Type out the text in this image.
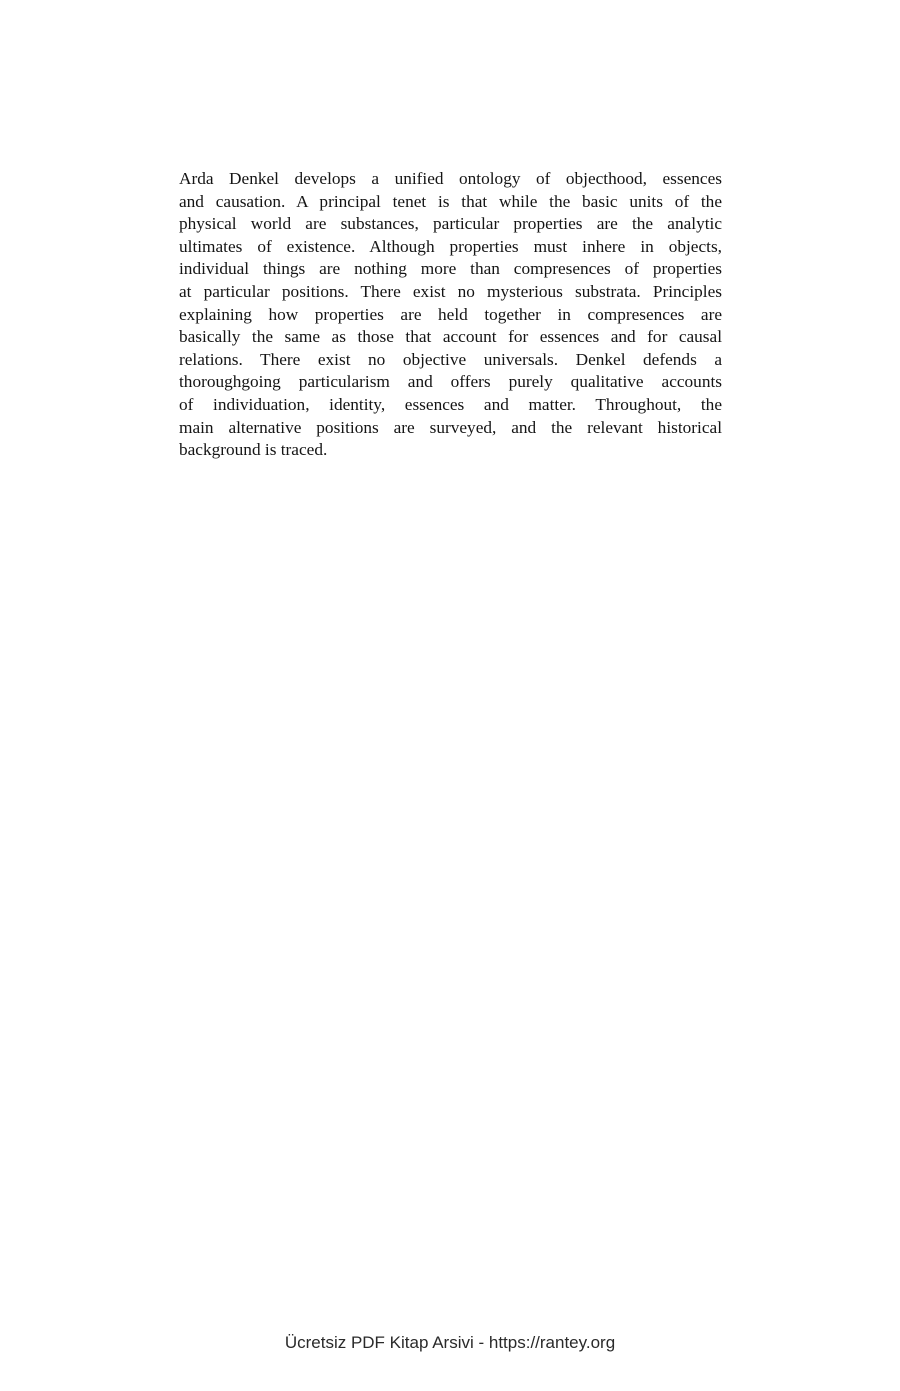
Arda Denkel develops a unified ontology of objecthood, essences
and causation. A principal tenet is that while the basic units of the
physical world are substances, particular properties are the analytic
ultimates of existence. Although properties must inhere in objects,
individual things are nothing more than compresences of properties
at particular positions. There exist no mysterious substrata. Principles
explaining how properties are held together in compresences are
basically the same as those that account for essences and for causal
relations. There exist no objective universals. Denkel defends a
thoroughgoing particularism and offers purely qualitative accounts
of individuation, identity, essences and matter. Throughout, the
main alternative positions are surveyed, and the relevant historical
background is traced.
Ücretsiz PDF Kitap Arsivi - https://rantey.org
